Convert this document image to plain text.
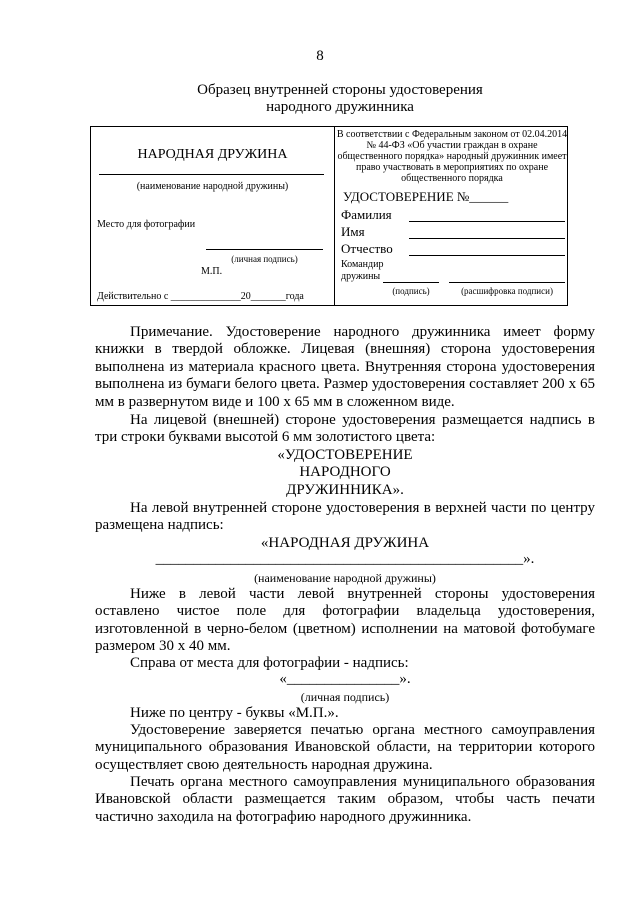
8
Образец внутренней стороны удостоверения
народного дружинника
НАРОДНАЯ ДРУЖИНА
(наименование народной дружины)
Место для фотографии
(личная подпись)
М.П.
Действительно с ______________20_______года
В соответствии с Федеральным законом от 02.04.2014 № 44-ФЗ «Об участии граждан в охране общественного порядка» народный дружинник имеет право участвовать в мероприятиях по охране общественного порядка
УДОСТОВЕРЕНИЕ №______
Фамилия
Имя
Отчество
Командир
дружины
(подпись)	(расшифровка подписи)
Примечание. Удостоверение народного дружинника имеет форму книжки в твердой обложке. Лицевая (внешняя) сторона удостоверения выполнена из материала красного цвета. Внутренняя сторона удостоверения выполнена из бумаги белого цвета. Размер удостоверения составляет 200 х 65 мм в развернутом виде и 100 х 65 мм в сложенном виде.
На лицевой (внешней) стороне удостоверения размещается надпись в три строки буквами высотой 6 мм золотистого цвета:
«УДОСТОВЕРЕНИЕ
НАРОДНОГО
ДРУЖИННИКА».
На левой внутренней стороне удостоверения в верхней части по центру размещена надпись:
«НАРОДНАЯ ДРУЖИНА
_________________________________________________».
(наименование народной дружины)
Ниже в левой части левой внутренней стороны удостоверения оставлено чистое поле для фотографии владельца удостоверения, изготовленной в черно-белом (цветном) исполнении на матовой фотобумаге размером 30 х 40 мм.
Справа от места для фотографии - надпись:
«_______________».
(личная подпись)
Ниже по центру - буквы «М.П.».
Удостоверение заверяется печатью органа местного самоуправления муниципального образования Ивановской области, на территории которого осуществляет свою деятельность народная дружина.
Печать органа местного самоуправления муниципального образования Ивановской области размещается таким образом, чтобы часть печати частично заходила на фотографию народного дружинника.
